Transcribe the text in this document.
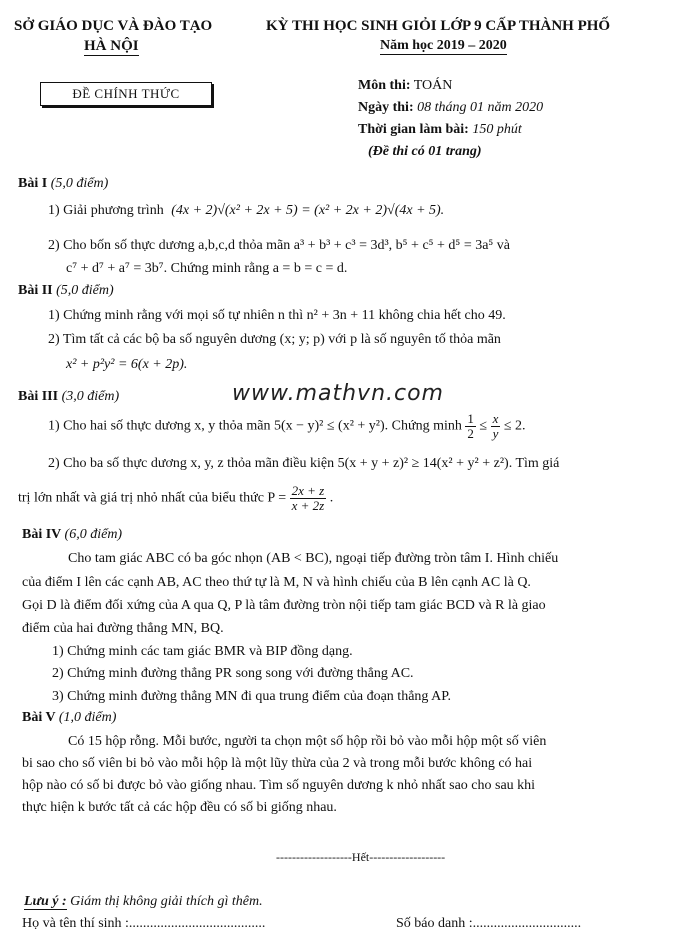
SỞ GIÁO DỤC VÀ ĐÀO TẠO
HÀ NỘI
KỲ THI HỌC SINH GIỎI LỚP 9 CẤP THÀNH PHỐ
Năm học 2019 – 2020
ĐỀ CHÍNH THỨC
Môn thi: TOÁN
Ngày thi: 08 tháng 01 năm 2020
Thời gian làm bài: 150 phút
(Đề thi có 01 trang)
Bài I (5,0 điểm)
1) Giải phương trình (4x + 2)√(x² + 2x + 5) = (x² + 2x + 2)√(4x + 5).
2) Cho bốn số thực dương a,b,c,d thỏa mãn a³ + b³ + c³ = 3d³, b⁵ + c⁵ + d⁵ = 3a⁵ và
c⁷ + d⁷ + a⁷ = 3b⁷. Chứng minh rằng a = b = c = d.
Bài II (5,0 điểm)
1) Chứng minh rằng với mọi số tự nhiên n thì n² + 3n + 11 không chia hết cho 49.
2) Tìm tất cả các bộ ba số nguyên dương (x; y; p) với p là số nguyên tố thỏa mãn
x² + p²y² = 6(x + 2p).
www.mathvn.com
Bài III (3,0 điểm)
1) Cho hai số thực dương x, y thỏa mãn 5(x − y)² ≤ (x² + y²). Chứng minh $\frac{1}{2} \le \frac{x}{y} \le 2$.
2) Cho ba số thực dương x, y, z thỏa mãn điều kiện 5(x + y + z)² ≥ 14(x² + y² + z²). Tìm giá
trị lớn nhất và giá trị nhỏ nhất của biểu thức $P = \frac{2x + z}{x + 2z}$ .
Bài IV (6,0 điểm)
Cho tam giác ABC có ba góc nhọn (AB < BC), ngoại tiếp đường tròn tâm I. Hình chiếu
của điểm I lên các cạnh AB, AC theo thứ tự là M, N và hình chiếu của B lên cạnh AC là Q.
Gọi D là điểm đối xứng của A qua Q, P là tâm đường tròn nội tiếp tam giác BCD và R là giao
điểm của hai đường thẳng MN, BQ.
1) Chứng minh các tam giác BMR và BIP đồng dạng.
2) Chứng minh đường thẳng PR song song với đường thẳng AC.
3) Chứng minh đường thẳng MN đi qua trung điểm của đoạn thẳng AP.
Bài V (1,0 điểm)
Có 15 hộp rỗng. Mỗi bước, người ta chọn một số hộp rồi bỏ vào mỗi hộp một số viên
bi sao cho số viên bi bỏ vào mỗi hộp là một lũy thừa của 2 và trong mỗi bước không có hai
hộp nào có số bi được bỏ vào giống nhau. Tìm số nguyên dương k nhỏ nhất sao cho sau khi
thực hiện k bước tất cả các hộp đều có số bi giống nhau.
-------------------Hết-------------------
Lưu ý : Giám thị không giải thích gì thêm.
Họ và tên thí sinh :.......................................	Số báo danh :...............................
